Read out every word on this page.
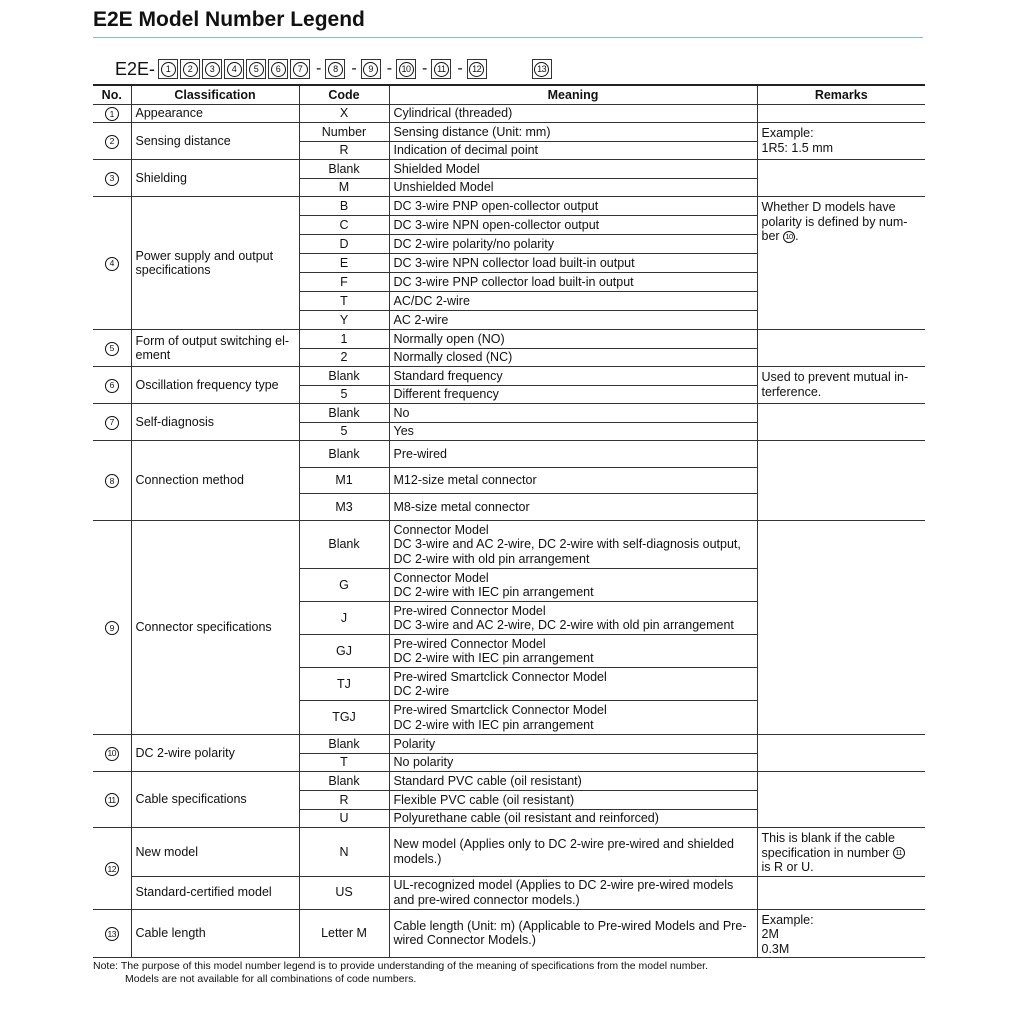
E2E Model Number Legend
E2E-	1	2	3	4	5	6	7 -	8 -	9 -	10 -	11 -	12	13
No.	Classification	Code	Meaning	Remarks
1	Appearance	X	Cylindrical (threaded)	
2	Sensing distance	Number	Sensing distance (Unit: mm)	Example:
1R5: 1.5 mm
		R	Indication of decimal point	
3	Shielding	Blank	Shielded Model	
		M	Unshielded Model	
4	Power supply and output specifications	B	DC 3-wire PNP open-collector output	Whether D models have polarity is defined by num-ber 10 .
		C	DC 3-wire NPN open-collector output	
		D	DC 2-wire polarity/no polarity	
		E	DC 3-wire NPN collector load built-in output	
		F	DC 3-wire PNP collector load built-in output	
		T	AC/DC 2-wire	
		Y	AC 2-wire	
5	Form of output switching el-ement	1	Normally open (NO)	
		2	Normally closed (NC)	
6	Oscillation frequency type	Blank	Standard frequency	Used to prevent mutual in-terference.
		5	Different frequency	
7	Self-diagnosis	Blank	No	
		5	Yes	
8	Connection method	Blank	Pre-wired	
		M1	M12-size metal connector	
		M3	M8-size metal connector	
9	Connector specifications	Blank	Connector Model
DC 3-wire and AC 2-wire, DC 2-wire with self-diagnosis output,
DC 2-wire with old pin arrangement	
		G	Connector Model
DC 2-wire with IEC pin arrangement	
		J	Pre-wired Connector Model
DC 3-wire and AC 2-wire, DC 2-wire with old pin arrangement	
		GJ	Pre-wired Connector Model
DC 2-wire with IEC pin arrangement	
		TJ	Pre-wired Smartclick Connector Model
DC 2-wire	
		TGJ	Pre-wired Smartclick Connector Model
DC 2-wire with IEC pin arrangement	
10	DC 2-wire polarity	Blank	Polarity	
		T	No polarity	
11	Cable specifications	Blank	Standard PVC cable (oil resistant)	
		R	Flexible PVC cable (oil resistant)	
		U	Polyurethane cable (oil resistant and reinforced)	
12	New model	N	New model (Applies only to DC 2-wire pre-wired and shielded models.)	This is blank if the cable specification in number 11
is R or U.
	Standard-certified model	US	UL-recognized model (Applies to DC 2-wire pre-wired models and pre-wired connector models.)	
13	Cable length	Letter M	Cable length (Unit: m) (Applicable to Pre-wired Models and Pre-wired Connector Models.)	Example:
2M
0.3M
Note: The purpose of this model number legend is to provide understanding of the meaning of specifications from the model number.
Models are not available for all combinations of code numbers.
